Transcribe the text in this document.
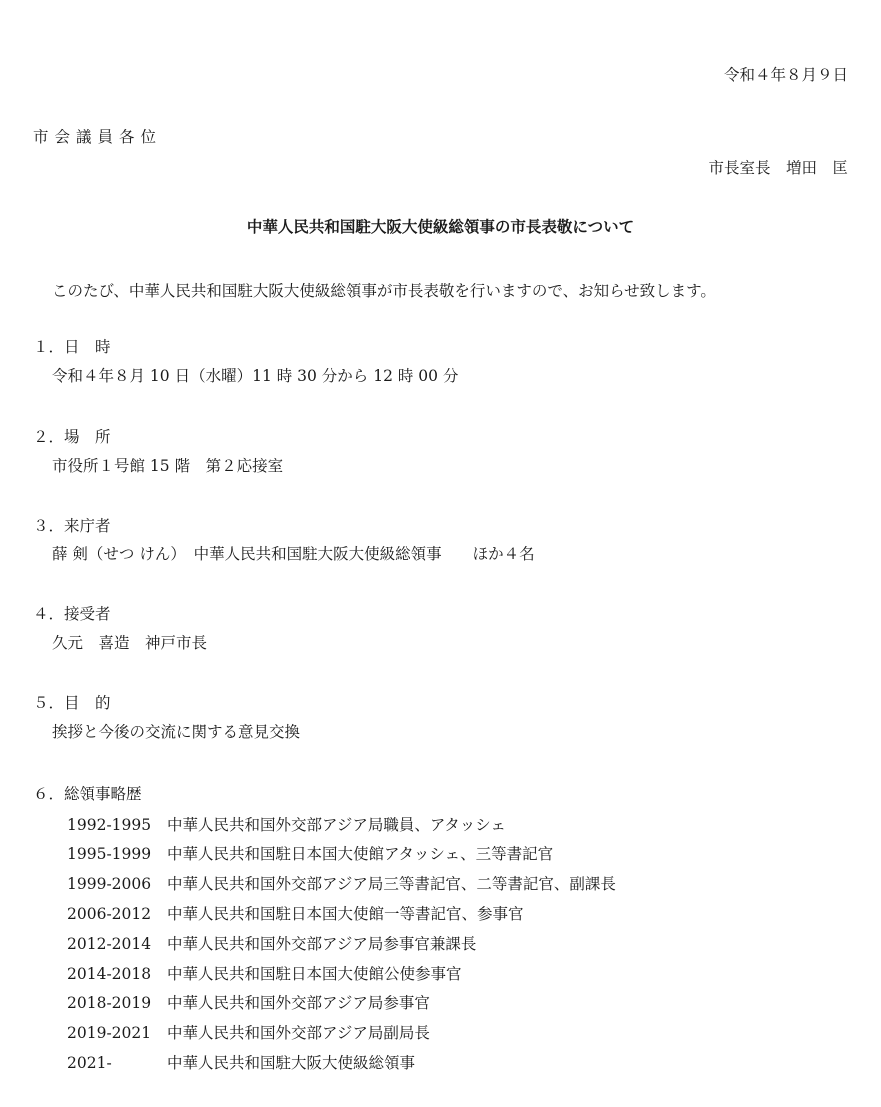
令和４年８月９日
市会議員各位
市長室長　増田　匡
中華人民共和国駐大阪大使級総領事の市長表敬について
このたび、中華人民共和国駐大阪大使級総領事が市長表敬を行いますので、お知らせ致します。
１．日　時
令和４年８月 10 日（水曜）11 時 30 分から 12 時 00 分
２．場　所
市役所１号館 15 階　第２応接室
３．来庁者
薛 剣（せつ けん）　中華人民共和国駐大阪大使級総領事　　ほか４名
４．接受者
久元　喜造　神戸市長
５．目　的
挨拶と今後の交流に関する意見交換
６．総領事略歴
1992-1995 中華人民共和国外交部アジア局職員、アタッシェ
1995-1999 中華人民共和国駐日本国大使館アタッシェ、三等書記官
1999-2006 中華人民共和国外交部アジア局三等書記官、二等書記官、副課長
2006-2012 中華人民共和国駐日本国大使館一等書記官、参事官
2012-2014 中華人民共和国外交部アジア局参事官兼課長
2014-2018 中華人民共和国駐日本国大使館公使参事官
2018-2019 中華人民共和国外交部アジア局参事官
2019-2021 中華人民共和国外交部アジア局副局長
2021-	中華人民共和国駐大阪大使級総領事
